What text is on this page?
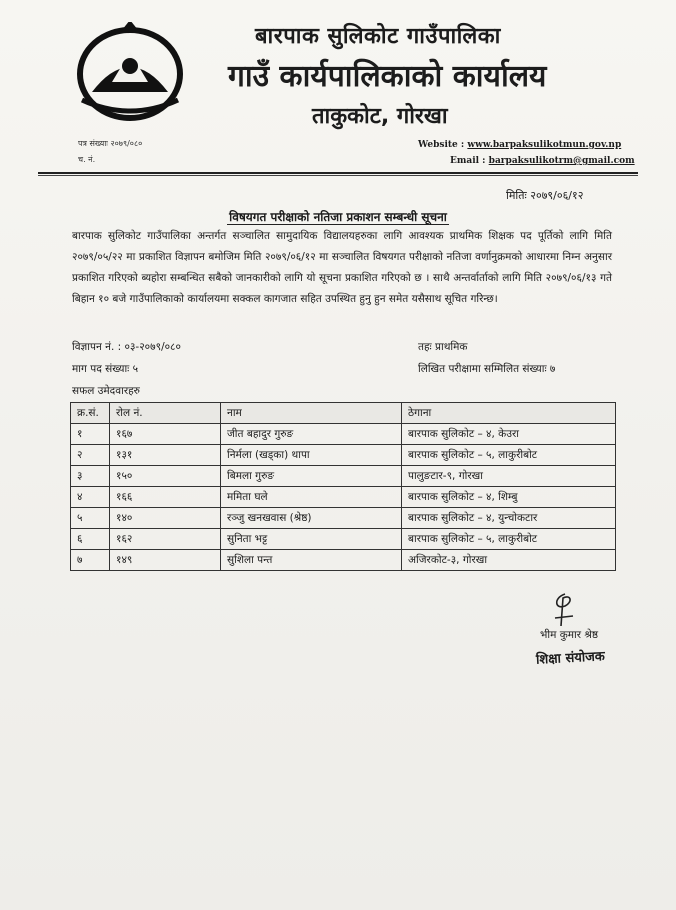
बारपाक सुलिकोट गाउँपालिका
गाउँ कार्यपालिकाको कार्यालय
ताकुकोट, गोरखा
पत्र संख्याः २०७९/०८०
च. नं.
Website : www.barpaksulikotmun.gov.np
Email : barpaksulikotrm@gmail.com
मितिः २०७९/०६/१२
विषयगत परीक्षाको नतिजा प्रकाशन सम्बन्धी सूचना
बारपाक सुलिकोट गाउँपालिका अन्तर्गत सञ्चालित सामुदायिक विद्यालयहरुका लागि आवश्यक प्राथमिक शिक्षक पद पूर्तिको लागि मिति २०७९/०५/२२ मा प्रकाशित विज्ञापन बमोजिम मिति २०७९/०६/१२ मा सञ्चालित विषयगत परीक्षाको नतिजा वर्णानुक्रमको आधारमा निम्न अनुसार प्रकाशित गरिएको ब्यहोरा सम्बन्धित सबैको जानकारीको लागि यो सूचना प्रकाशित गरिएको छ । साथै अन्तर्वार्ताको लागि मिति २०७९/०६/१३ गते बिहान १० बजे गाउँपालिकाको कार्यालयमा सक्कल कागजात सहित उपस्थित हुनु हुन समेत यसैसाथ सूचित गरिन्छ।
विज्ञापन नं. : ०३-२०७९/०८०	तहः प्राथमिक
माग पद संख्याः ५	लिखित परीक्षामा सम्मिलित संख्याः ७
सफल उमेदवारहरु
क्र.सं.	रोल नं.	नाम	ठेगाना
१	१६७	जीत बहादुर गुरुङ	बारपाक सुलिकोट – ४, केउरा
२	१३१	निर्मला (खड्का) थापा	बारपाक सुलिकोट – ५, लाकुरीबोट
३	१५०	बिमला गुरुङ	पालुङटार-९, गोरखा
४	१६६	ममिता घले	बारपाक सुलिकोट – ४, शिम्बु
५	१४०	रञ्जु खनखवास (श्रेष्ठ)	बारपाक सुलिकोट – ४, युन्चोकटार
६	१६२	सुनिता भट्ट	बारपाक सुलिकोट – ५, लाकुरीबोट
७	१४९	सुशिला पन्त	अजिरकोट-३, गोरखा
भीम कुमार श्रेष्ठ
शिक्षा संयोजक
